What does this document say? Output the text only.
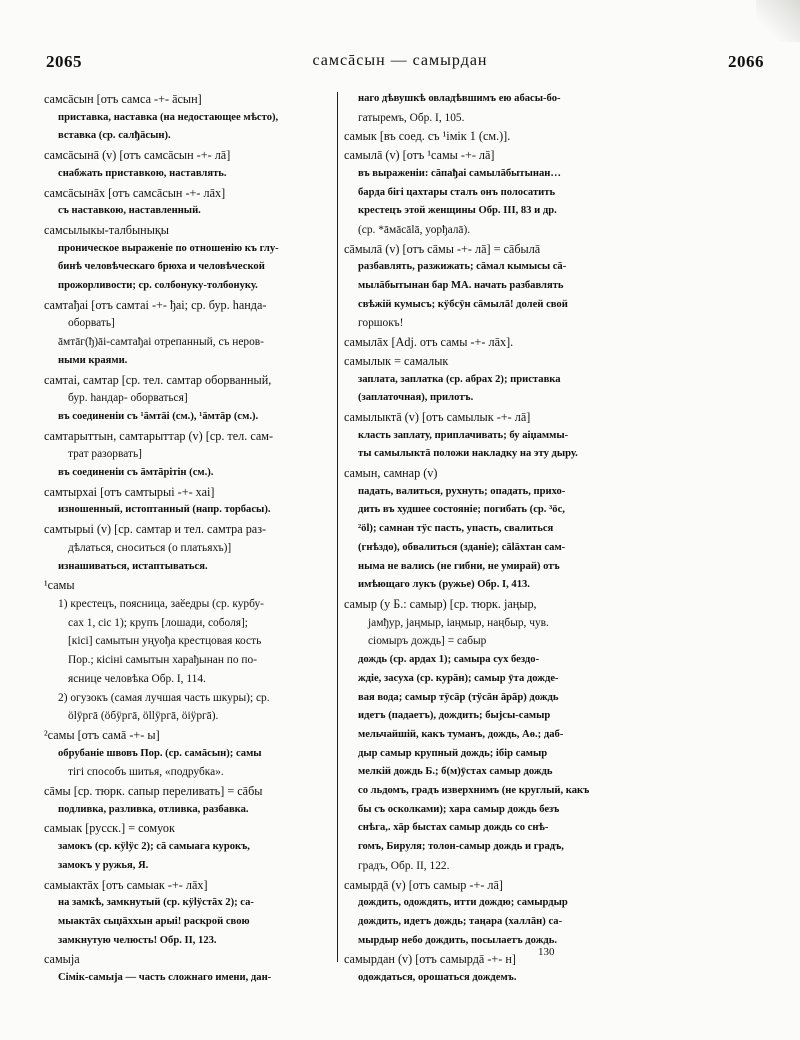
2065	самсāсын — самырдан	2066
самсāсын [отъ самса -+- āсын]
приставка, наставка (на недостающее мѣсто),
вставка (ср. салђāсын).
самсāсынā (v) [отъ самсāсын -+- лā]
снабжать приставкою, наставлять.
самсāсынāх [отъ самсāсын -+- лāх]
съ наставкою, наставленный.
самсылыкы-талбынықы
проническое выраженіе по отношенію къ глу-
бинѣ человѣческаго брюха и человѣческой
прожорливости; ср. солбонуку-толбонуку.
самтађаі [отъ самтаі -+- ђаі; ср. бур. һанда-
оборвать]
āмтāг(ђ)āі-самтађаі отрепанный, съ неров-
ными краями.
самтаі, самтар [ср. тел. самтар оборванный,
бур. һандар- оборваться]
въ соединеніи съ ¹āмтāі (см.), ¹āмтāр (см.).
самтарыттын, самтарыттар (v) [ср. тел. сам-
трат разорвать]
въ соединеніи съ āмтāрітін (см.).
самтырхаі [отъ самтырыі -+- хаі]
изношенный, истоптанный (напр. торбасы).
самтырыі (v) [ср. самтар и тел. самтра раз-
дѣлаться, сноситься (о платьяхъ)]
изнашиваться, истаптываться.
¹самы
1) крестецъ, поясница, заӗедры (ср. курбу-
сах 1, сіс 1); крупъ [лошади, соболя];
[кісі] самытын уңуођа крестцовая кость
Пор.; кісіні самытын харађынан по по-
яснице человѣка Обр. I, 114.
2) огузокъ (самая лучшая часть шкуры); ср.
ӧlӱргā (ӧбӱргā, ӧllӱргā, ӧiӱргā).
²самы [отъ самā -+- ы]
обрубаніе швовъ Пор. (ср. самāсын); самы
тігі способъ шитья, «подрубка».
сāмы [ср. тюрк. сапыр переливать] = сāбы
подливка, разливка, отливка, разбавка.
самыак [русск.] = сомуок
замокъ (ср. кӱlӱс 2); сā самыага курокъ,
замокъ у ружья, Я.
самыактāх [отъ самыак -+- лāх]
на замкѣ, замкнутый (ср. кӱlӱстāх 2); са-
мыактāх сыџāххын арыі! раскрой свою
замкнутую челюсть! Обр. II, 123.
самыја
Сімік-самыја — часть сложнаго имени, дан-
наго дѣвушкѣ овладѣвшимъ ею абасы-бо-
гатыремъ, Обр. I, 105.
самык [въ соед. съ ¹імік 1 (см.)].
самылā (v) [отъ ¹самы -+- лā]
въ выраженіи: сāпађаі самылāбытынан…
барда бігі цахтары сталъ онъ полосатить
крестецъ этой женщины Обр. III, 83 и др.
(ср. *āмāсālā, уорђалā).
сāмылā (v) [отъ сāмы -+- лā] = сāбылā
разбавлять, разжижать; сāмал кымысы сā-
мылāбытынан бар МА. начать разбавлять
свѣжій кумысъ; кӱбсӱн сāмылā! долей свой
горшокъ!
самылāх [Adj. отъ самы -+- лāх].
самылык = самалык
заплата, заплатка (ср. абрах 2); приставка
(заплаточная), прилотъ.
самылыктā (v) [отъ самылык -+- лā]
класть заплату, приплачивать; бу аіџаммы-
ты самылыктā положи накладку на эту дыру.
самын, самнар (v)
падать, валиться, рухнуть; опадать, прихо-
дить въ худшее состояніе; погибать (ср. ³ӧс,
²ӧl); самнан тӱс пасть, упасть, свалиться
(гнѣздо), обвалиться (зданіе); сālāхтан сам-
ныма не вались (не гибни, не умирай) отъ
имѣющаго лукъ (ружье) Обр. I, 413.
самыр (у Б.: самыр) [ср. тюрк. јаңыр,
јамђур, јаңмыр, іаңмыр, наңбыр, чув.
сіомыръ дождь] = сабыр
дождь (ср. ардах 1); самыра сух бездо-
ждіе, засуха (ср. курāн); самыр ӯта дожде-
вая вода; самыр тӱсāр (тӱсāн āрāр) дождь
идетъ (падаетъ), дождить; быјсы-самыр
мельчайшій, какъ туманъ, дождь, Аө.; даб-
дыр самыр крупный дождь; ібір самыр
мелкій дождь Б.; б(м)ӯстах самыр дождь
со льдомъ, градъ изверхнимъ (не круглый, какъ
бы съ осколками); хара самыр дождь безъ
снѣга,. хāр быстах самыр дождь со снѣ-
гомъ, Бируля; толон-самыр дождь и градъ,
градъ, Обр. II, 122.
самырдā (v) [отъ самыр -+- лā]
дождить, одождять, итти дождю; самырдыр
дождить, идетъ дождь; таңара (халлāн) са-
мырдыр небо дождить, посылаетъ дождь.
самырдан (v) [отъ самырдā -+- н]
одождаться, орошаться дождемъ.
130
